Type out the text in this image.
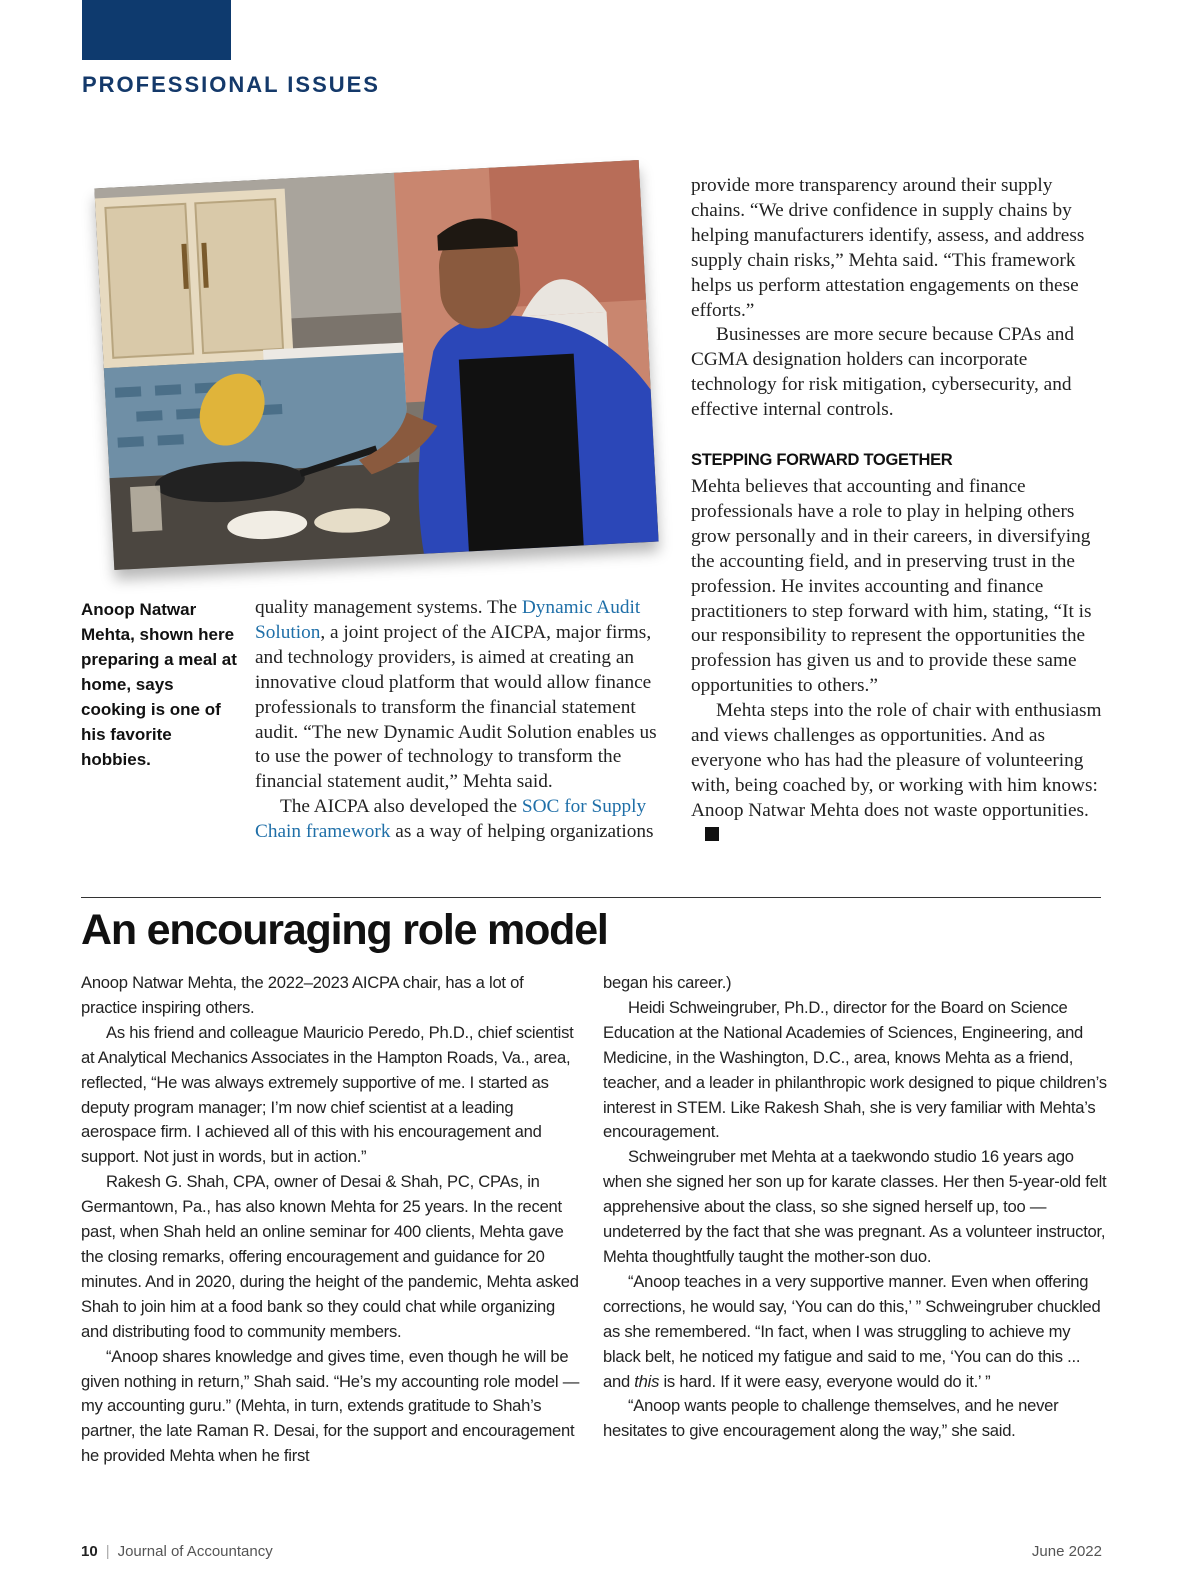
PROFESSIONAL ISSUES
Anoop Natwar Mehta, shown here preparing a meal at home, says cooking is one of his favorite hobbies.

quality management systems. The Dynamic Audit Solution, a joint project of the AICPA, major firms, and technology providers, is aimed at creating an innovative cloud platform that would allow finance professionals to transform the financial statement audit. “The new Dynamic Audit Solution enables us to use the power of technology to transform the financial statement audit,” Mehta said.

The AICPA also developed the SOC for Supply Chain framework as a way of helping organizations

provide more transparency around their supply chains. “We drive confidence in supply chains by helping manufacturers identify, assess, and address supply chain risks,” Mehta said. “This framework helps us perform attestation engagements on these efforts.”

Businesses are more secure because CPAs and CGMA designation holders can incorporate technology for risk mitigation, cybersecurity, and effective internal controls.

STEPPING FORWARD TOGETHER

Mehta believes that accounting and finance professionals have a role to play in helping others grow personally and in their careers, in diversifying the accounting field, and in preserving trust in the profession. He invites accounting and finance practitioners to step forward with him, stating, “It is our responsibility to represent the opportunities the profession has given us and to provide these same opportunities to others.”

Mehta steps into the role of chair with enthusiasm and views challenges as opportunities. And as everyone who has had the pleasure of volunteering with, being coached by, or working with him knows: Anoop Natwar Mehta does not waste opportunities.

An encouraging role model

Anoop Natwar Mehta, the 2022–2023 AICPA chair, has a lot of practice inspiring others.

As his friend and colleague Mauricio Peredo, Ph.D., chief scientist at Analytical Mechanics Associates in the Hampton Roads, Va., area, reflected, “He was always extremely supportive of me. I started as deputy program manager; I’m now chief scientist at a leading aerospace firm. I achieved all of this with his encouragement and support. Not just in words, but in action.”

Rakesh G. Shah, CPA, owner of Desai & Shah, PC, CPAs, in Germantown, Pa., has also known Mehta for 25 years. In the recent past, when Shah held an online seminar for 400 clients, Mehta gave the closing remarks, offering encouragement and guidance for 20 minutes. And in 2020, during the height of the pandemic, Mehta asked Shah to join him at a food bank so they could chat while organizing and distributing food to community members.

“Anoop shares knowledge and gives time, even though he will be given nothing in return,” Shah said. “He’s my accounting role model — my accounting guru.” (Mehta, in turn, extends gratitude to Shah’s partner, the late Raman R. Desai, for the support and encouragement he provided Mehta when he first

began his career.)

Heidi Schweingruber, Ph.D., director for the Board on Science Education at the National Academies of Sciences, Engineering, and Medicine, in the Washington, D.C., area, knows Mehta as a friend, teacher, and a leader in philanthropic work designed to pique children’s interest in STEM. Like Rakesh Shah, she is very familiar with Mehta’s encouragement.

Schweingruber met Mehta at a taekwondo studio 16 years ago when she signed her son up for karate classes. Her then 5-year-old felt apprehensive about the class, so she signed herself up, too — undeterred by the fact that she was pregnant. As a volunteer instructor, Mehta thoughtfully taught the mother-son duo.

“Anoop teaches in a very supportive manner. Even when offering corrections, he would say, ‘You can do this,’ ” Schweingruber chuckled as she remembered. “In fact, when I was struggling to achieve my black belt, he noticed my fatigue and said to me, ‘You can do this ... and this is hard. If it were easy, everyone would do it.’ ”

“Anoop wants people to challenge themselves, and he never hesitates to give encouragement along the way,” she said.

10 | Journal of Accountancy	June 2022
